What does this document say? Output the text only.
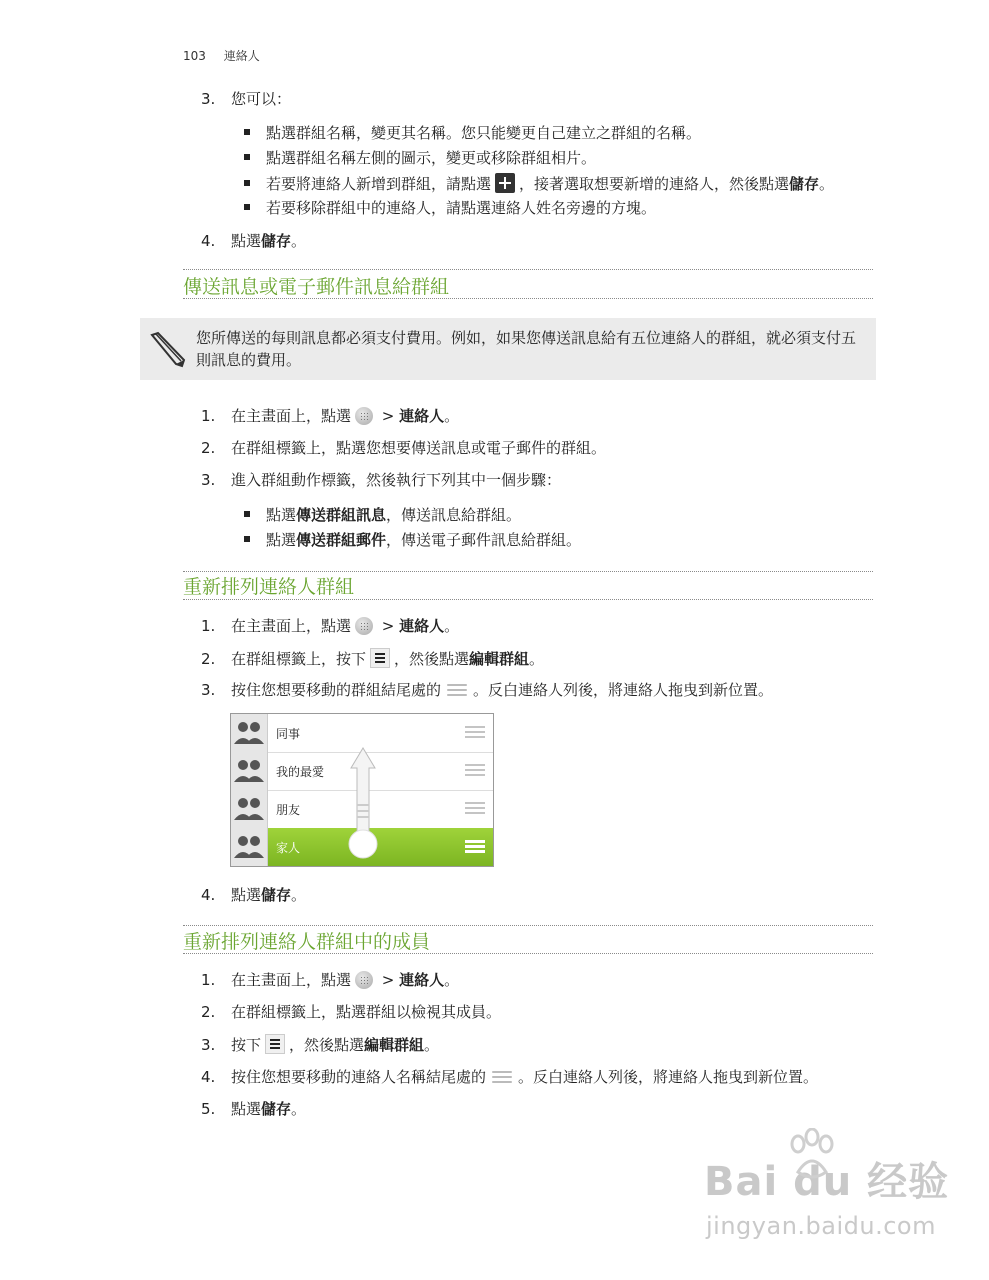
103 連絡人
3. 您可以：
點選群組名稱，變更其名稱。您只能變更自己建立之群組的名稱。
點選群組名稱左側的圖示，變更或移除群組相片。
若要將連絡人新增到群組，請點選 ，接著選取想要新增的連絡人，然後點選儲存。
若要移除群組中的連絡人，請點選連絡人姓名旁邊的方塊。
4. 點選儲存。
傳送訊息或電子郵件訊息給群組
您所傳送的每則訊息都必須支付費用。例如，如果您傳送訊息給有五位連絡人的群組，就必須支付五則訊息的費用。
1. 在主畫面上，點選 > 連絡人。
2. 在群組標籤上，點選您想要傳送訊息或電子郵件的群組。
3. 進入群組動作標籤，然後執行下列其中一個步驟：
點選傳送群組訊息，傳送訊息給群組。
點選傳送群組郵件，傳送電子郵件訊息給群組。
重新排列連絡人群組
1. 在主畫面上，點選 > 連絡人。
2. 在群組標籤上，按下 ，然後點選編輯群組。
3. 按住您想要移動的群組結尾處的 。反白連絡人列後，將連絡人拖曳到新位置。
同事
我的最愛
朋友
家人
4. 點選儲存。
重新排列連絡人群組中的成員
1. 在主畫面上，點選 > 連絡人。
2. 在群組標籤上，點選群組以檢視其成員。
3. 按下 ，然後點選編輯群組。
4. 按住您想要移動的連絡人名稱結尾處的 。反白連絡人列後，將連絡人拖曳到新位置。
5. 點選儲存。
Bai du 经验
jingyan.baidu.com
